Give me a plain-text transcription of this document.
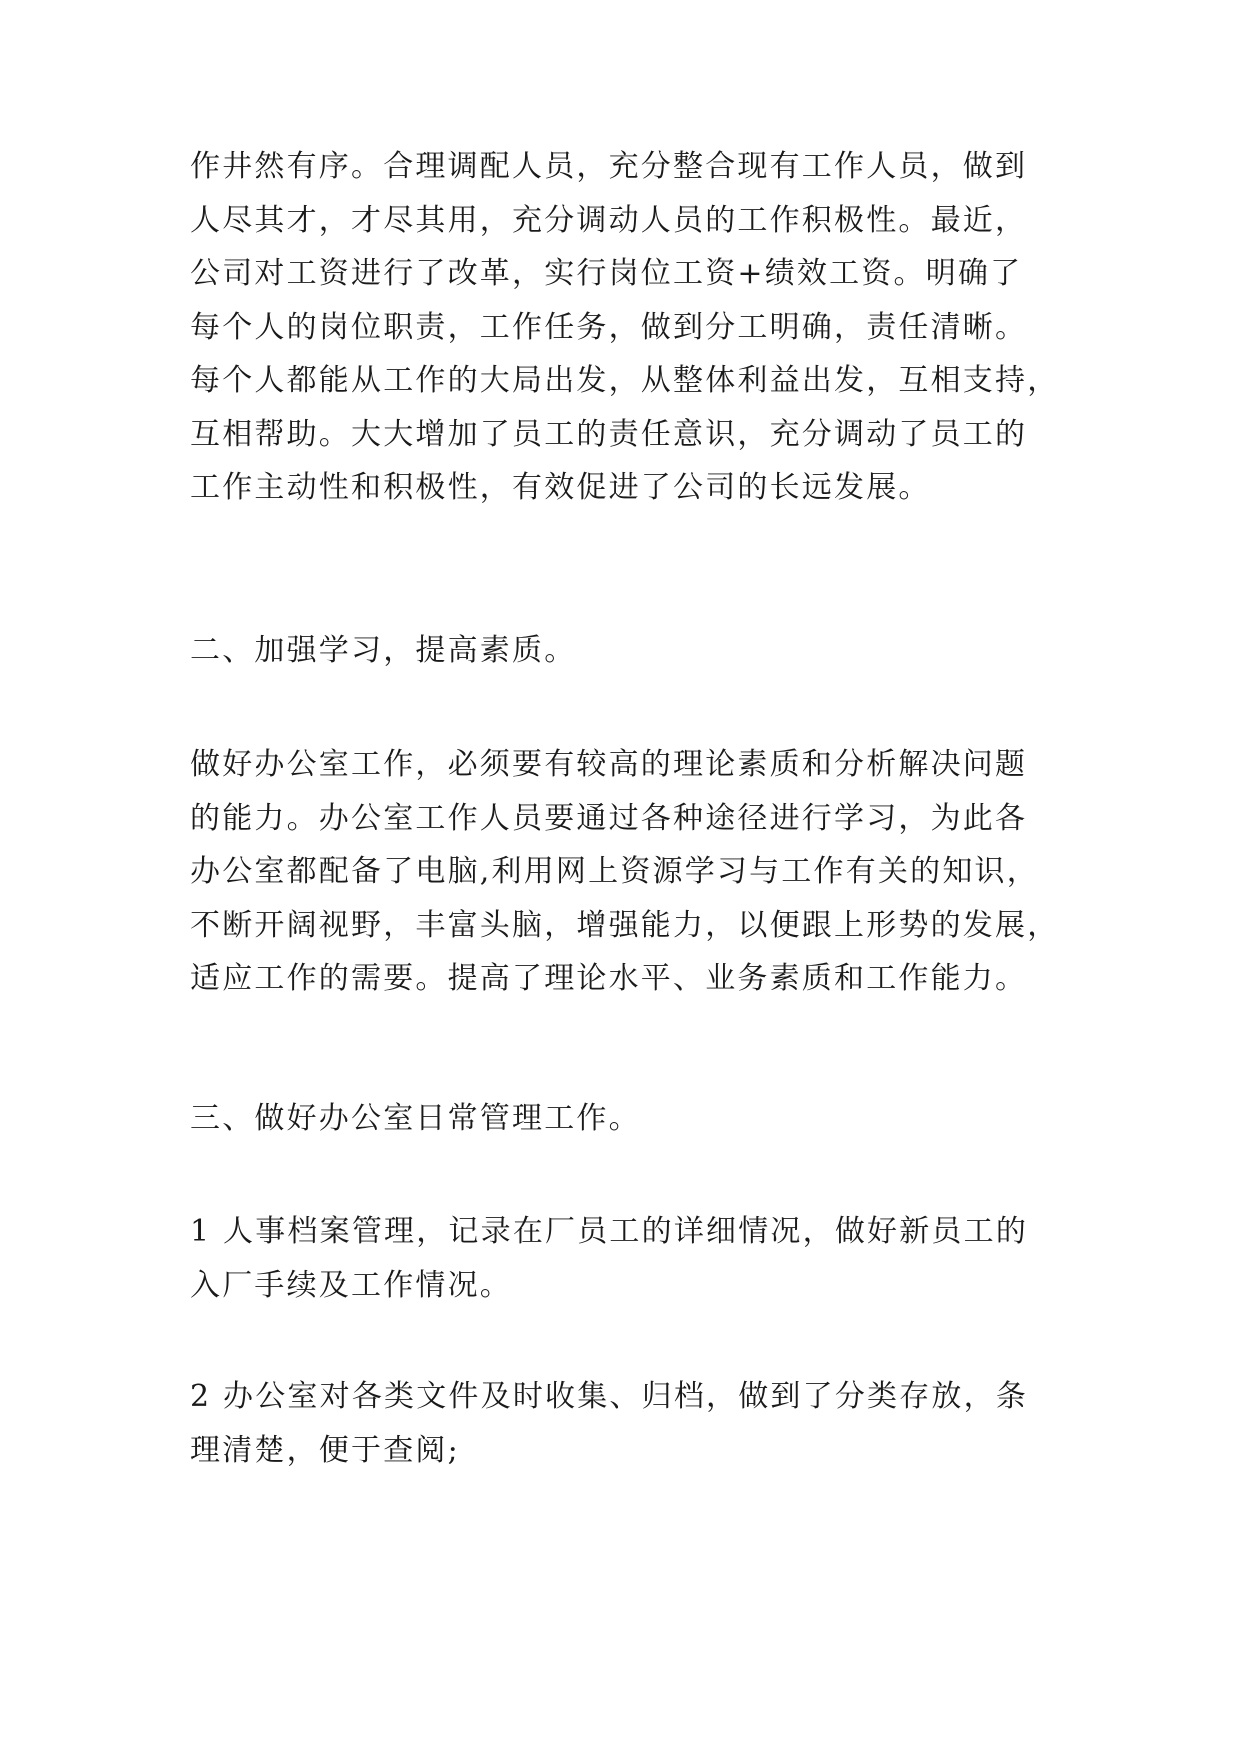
作井然有序。合理调配人员，充分整合现有工作人员，做到
人尽其才，才尽其用，充分调动人员的工作积极性。最近，
公司对工资进行了改革，实行岗位工资+绩效工资。明确了
每个人的岗位职责，工作任务，做到分工明确，责任清晰。
每个人都能从工作的大局出发，从整体利益出发，互相支持，
互相帮助。大大增加了员工的责任意识，充分调动了员工的
工作主动性和积极性，有效促进了公司的长远发展。
二、加强学习，提高素质。
做好办公室工作，必须要有较高的理论素质和分析解决问题
的能力。办公室工作人员要通过各种途径进行学习，为此各
办公室都配备了电脑,利用网上资源学习与工作有关的知识，
不断开阔视野，丰富头脑，增强能力，以便跟上形势的发展，
适应工作的需要。提高了理论水平、业务素质和工作能力。
三、做好办公室日常管理工作。
1 人事档案管理，记录在厂员工的详细情况，做好新员工的
入厂手续及工作情况。
2 办公室对各类文件及时收集、归档，做到了分类存放，条
理清楚，便于查阅;
